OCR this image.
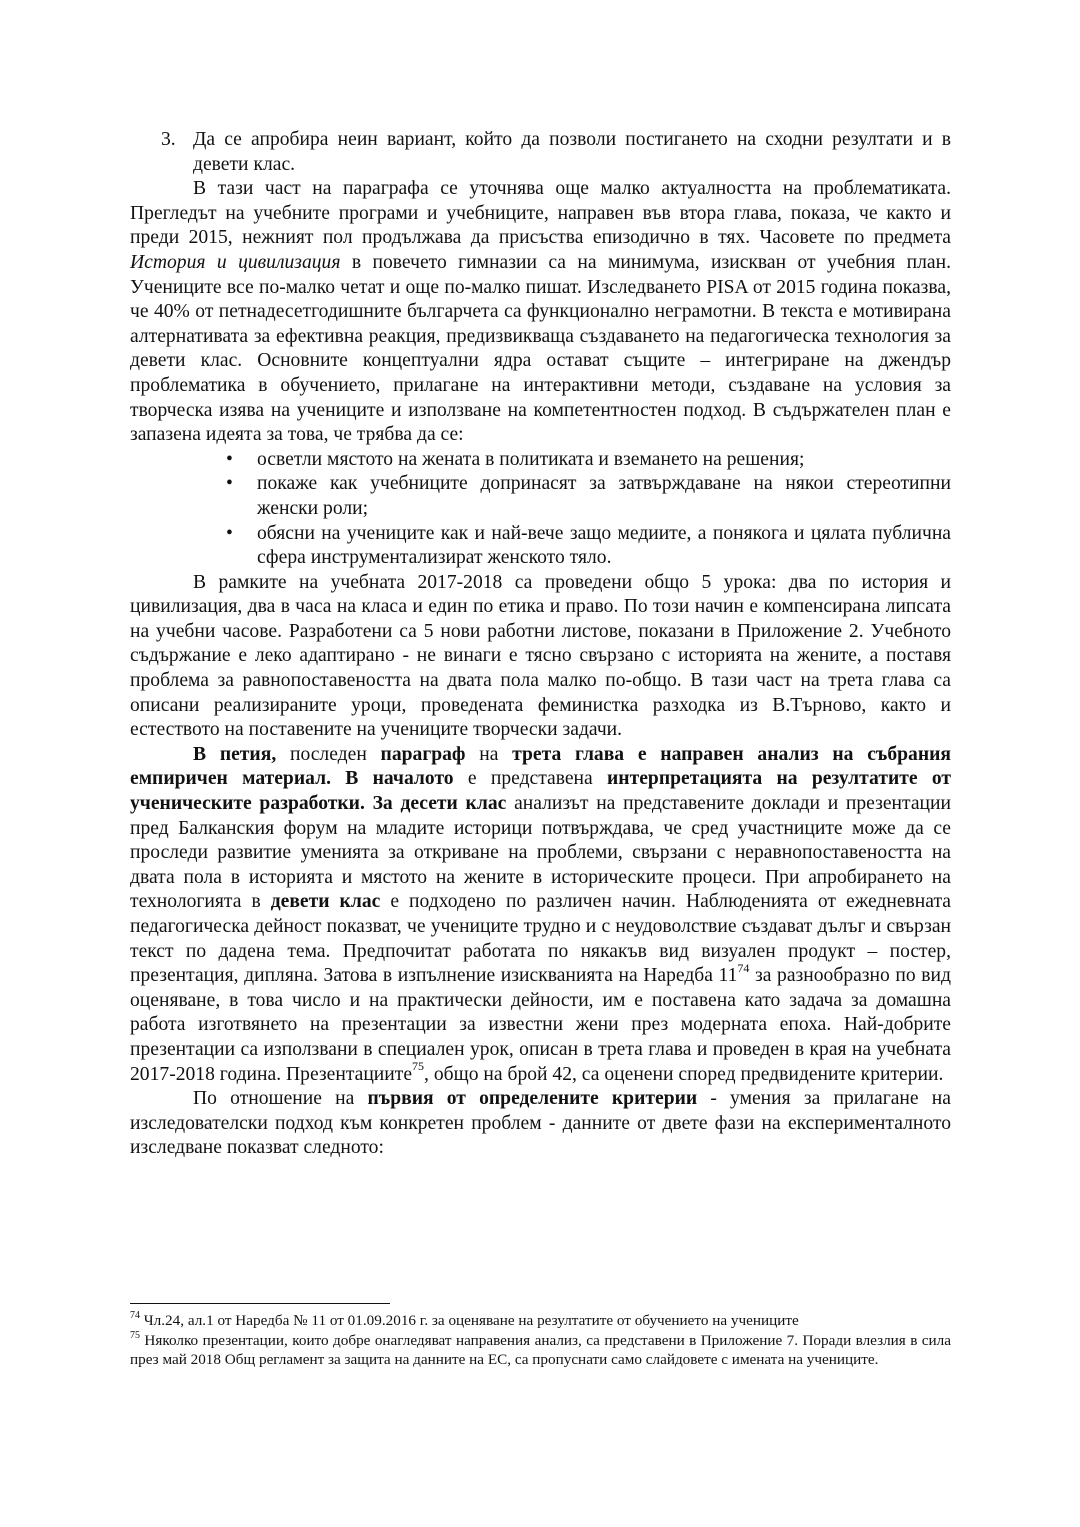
3. Да се апробира неин вариант, който да позволи постигането на сходни резултати и в девети клас.

В тази част на параграфа се уточнява още малко актуалността на проблематиката. Прегледът на учебните програми и учебниците, направен във втора глава, показа, че както и преди 2015, нежният пол продължава да присъства епизодично в тях. Часовете по предмета История и цивилизация в повечето гимназии са на минимума, изискван от учебния план. Учениците все по-малко четат и още по-малко пишат. Изследването PISA от 2015 година показва, че 40% от петнадесетгодишните българчета са функционално неграмотни. В текста е мотивирана алтернативата за ефективна реакция, предизвикваща създаването на педагогическа технология за девети клас. Основните концептуални ядра остават същите – интегриране на джендър проблематика в обучението, прилагане на интерактивни методи, създаване на условия за творческа изява на учениците и използване на компетентностен подход. В съдържателен план е запазена идеята за това, че трябва да се:

• осветли мястото на жената в политиката и вземането на решения;
• покаже как учебниците допринасят за затвърждаване на някои стереотипни женски роли;
• обясни на учениците как и най-вече защо медиите, а понякога и цялата публична сфера инструментализират женското тяло.

В рамките на учебната 2017-2018 са проведени общо 5 урока: два по история и цивилизация, два в часа на класа и един по етика и право. По този начин е компенсирана липсата на учебни часове. Разработени са 5 нови работни листове, показани в Приложение 2. Учебното съдържание е леко адаптирано - не винаги е тясно свързано с историята на жените, а поставя проблема за равнопоставеността на двата пола малко по-общо. В тази част на трета глава са описани реализираните уроци, проведената феминистка разходка из В.Търново, както и естеството на поставените на учениците творчески задачи.

В петия, последен параграф на трета глава е направен анализ на събрания емпиричен материал. В началото е представена интерпретацията на резултатите от ученическите разработки. За десети клас анализът на представените доклади и презентации пред Балканския форум на младите историци потвърждава, че сред участниците може да се проследи развитие уменията за откриване на проблеми, свързани с неравнопоставеността на двата пола в историята и мястото на жените в историческите процеси. При апробирането на технологията в девети клас е подходено по различен начин. Наблюденията от ежедневната педагогическа дейност показват, че учениците трудно и с неудоволствие създават дълъг и свързан текст по дадена тема. Предпочитат работата по някакъв вид визуален продукт – постер, презентация, дипляна. Затова в изпълнение изискванията на Наредба $11^{74}$ за разнообразно по вид оценяване, в това число и на практически дейности, им е поставена като задача за домашна работа изготвянето на презентации за известни жени през модерната епоха. Най-добрите презентации са използвани в специален урок, описан в трета глава и проведен в края на учебната 2017-2018 година. Презентациите$^{75}$, общо на брой 42, са оценени според предвидените критерии.

По отношение на първия от определените критерии - умения за прилагане на изследователски подход към конкретен проблем - данните от двете фази на експерименталното изследване показват следното:

$^{74}$ Чл.24, ал.1 от Наредба № 11 от 01.09.2016 г. за оценяване на резултатите от обучението на учениците

$^{75}$ Няколко презентации, които добре онагледяват направения анализ, са представени в Приложение 7. Поради влезлия в сила през май 2018 Общ регламент за защита на данните на ЕС, са пропуснати само слайдовете с имената на учениците.
